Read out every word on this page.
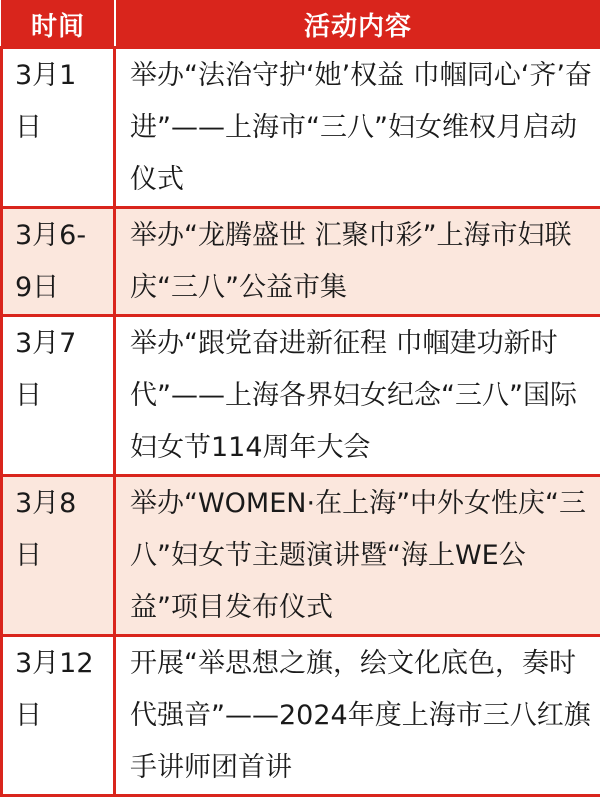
时间	活动内容
3月1日	举办“法治守护‘她’权益 巾帼同心‘齐’奋进”——上海市“三八”妇女维权月启动仪式
3月6-9日	举办“龙腾盛世 汇聚巾彩”上海市妇联庆“三八”公益市集
3月7日	举办“跟党奋进新征程 巾帼建功新时代”——上海各界妇女纪念“三八”国际妇女节114周年大会
3月8日	举办“WOMEN·在上海”中外女性庆“三八”妇女节主题演讲暨“海上WE公益”项目发布仪式
3月12日	开展“举思想之旗，绘文化底色，奏时代强音”——2024年度上海市三八红旗手讲师团首讲
